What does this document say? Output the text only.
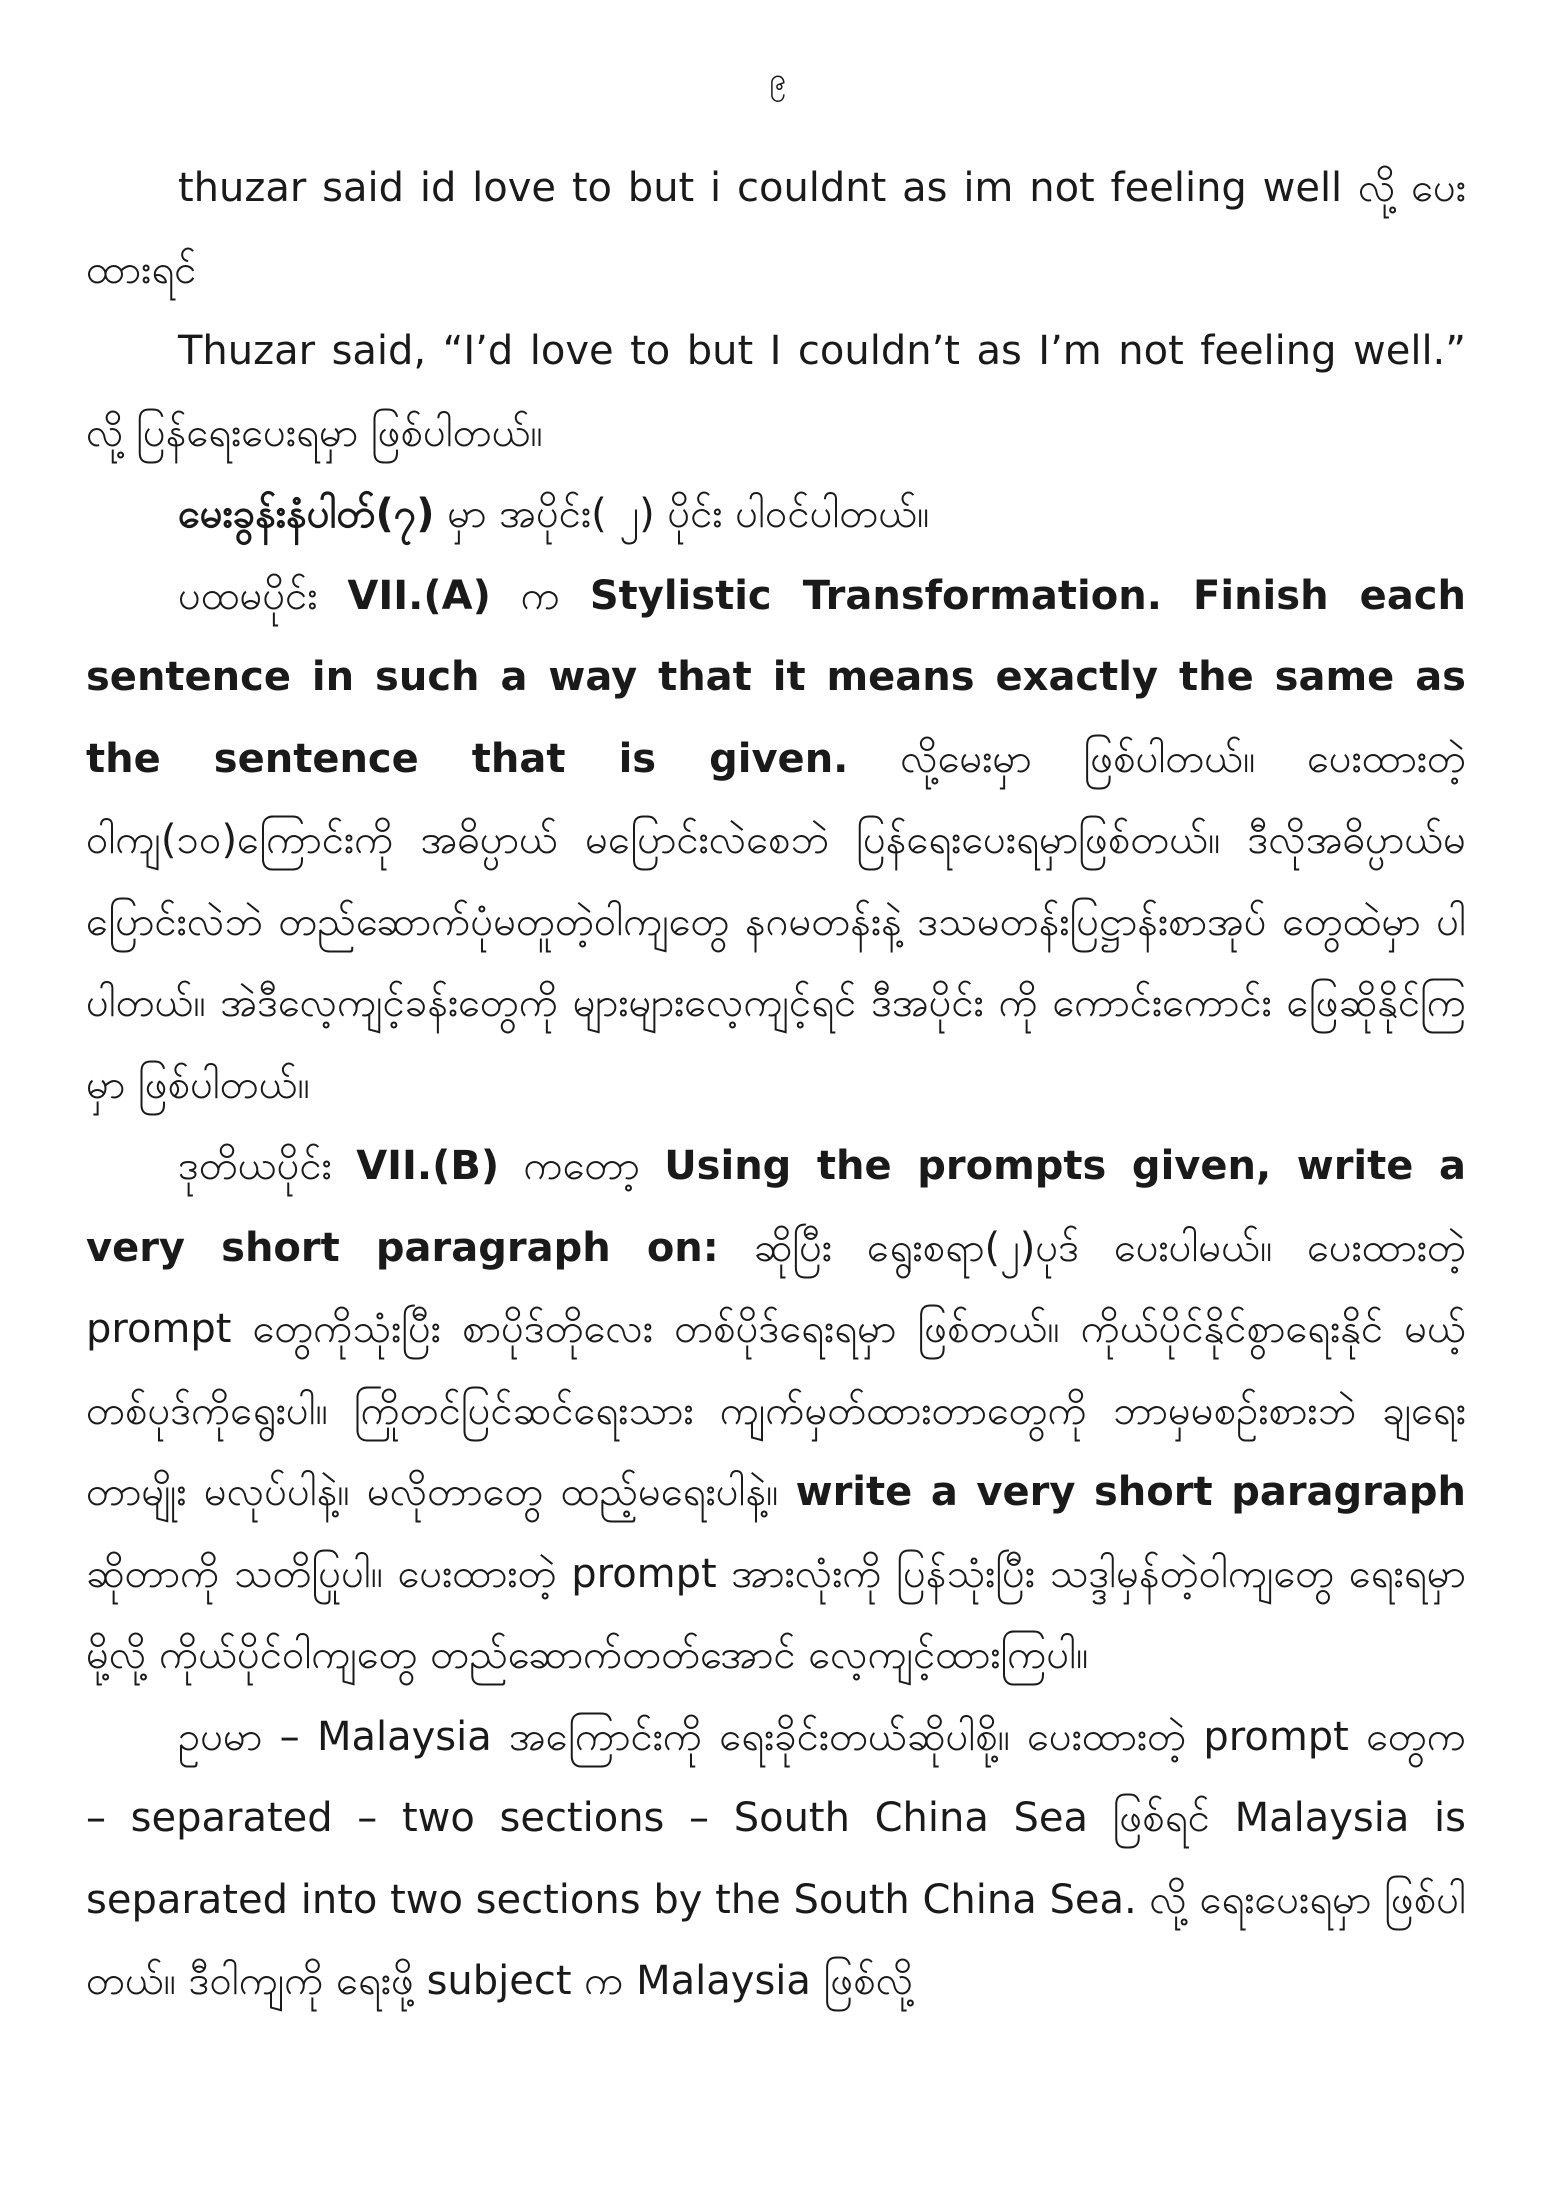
၉

thuzar said id love to but i couldnt as im not feeling well လို့ ပေးထားရင်

Thuzar said, “I’d love to but I couldn’t as I’m not feeling well.” လို့ ပြန်ရေးပေးရမှာ ဖြစ်ပါတယ်။

မေးခွန်းနံပါတ်(၇) မှာ အပိုင်း( ၂) ပိုင်း ပါဝင်ပါတယ်။

ပထမပိုင်း VII.(A) က Stylistic Transformation. Finish each sentence in such a way that it means exactly the same as the sentence that is given. လို့မေးမှာ ဖြစ်ပါတယ်။ ပေးထားတဲ့ ဝါကျ(၁၀)ကြောင်းကို အဓိပ္ပာယ် မပြောင်းလဲစေဘဲ ပြန်ရေးပေးရမှာဖြစ်တယ်။ ဒီလိုအဓိပ္ပာယ်မပြောင်းလဲဘဲ တည်ဆောက်ပုံမတူတဲ့ဝါကျတွေ နဂမတန်းနဲ့ ဒသမတန်းပြဋ္ဌာန်းစာအုပ် တွေထဲမှာ ပါပါတယ်။ အဲဒီလေ့ကျင့်ခန်းတွေကို များများလေ့ကျင့်ရင် ဒီအပိုင်း ကို ကောင်းကောင်း ဖြေဆိုနိုင်ကြမှာ ဖြစ်ပါတယ်။

ဒုတိယပိုင်း VII.(B) ကတော့ Using the prompts given, write a very short paragraph on: ဆိုပြီး ရွေးစရာ(၂)ပုဒ် ပေးပါမယ်။ ပေးထားတဲ့ prompt တွေကိုသုံးပြီး စာပိုဒ်တိုလေး တစ်ပိုဒ်ရေးရမှာ ဖြစ်တယ်။ ကိုယ်ပိုင်နိုင်စွာရေးနိုင် မယ့်တစ်ပုဒ်ကိုရွေးပါ။ ကြိုတင်ပြင်ဆင်ရေးသား ကျက်မှတ်ထားတာတွေကို ဘာမှမစဉ်းစားဘဲ ချရေးတာမျိုး မလုပ်ပါနဲ့။ မလိုတာတွေ ထည့်မရေးပါနဲ့။ write a very short paragraph ဆိုတာကို သတိပြုပါ။ ပေးထားတဲ့ prompt အားလုံးကို ပြန်သုံးပြီး သဒ္ဒါမှန်တဲ့ဝါကျတွေ ရေးရမှာမို့လို့ ကိုယ်ပိုင်ဝါကျတွေ တည်ဆောက်တတ်အောင် လေ့ကျင့်ထားကြပါ။

ဥပမာ – Malaysia အကြောင်းကို ရေးခိုင်းတယ်ဆိုပါစို့။ ပေးထားတဲ့ prompt တွေက – separated – two sections – South China Sea ဖြစ်ရင် Malaysia is separated into two sections by the South China Sea. လို့ ရေးပေးရမှာ ဖြစ်ပါတယ်။ ဒီဝါကျကို ရေးဖို့ subject က Malaysia ဖြစ်လို့
